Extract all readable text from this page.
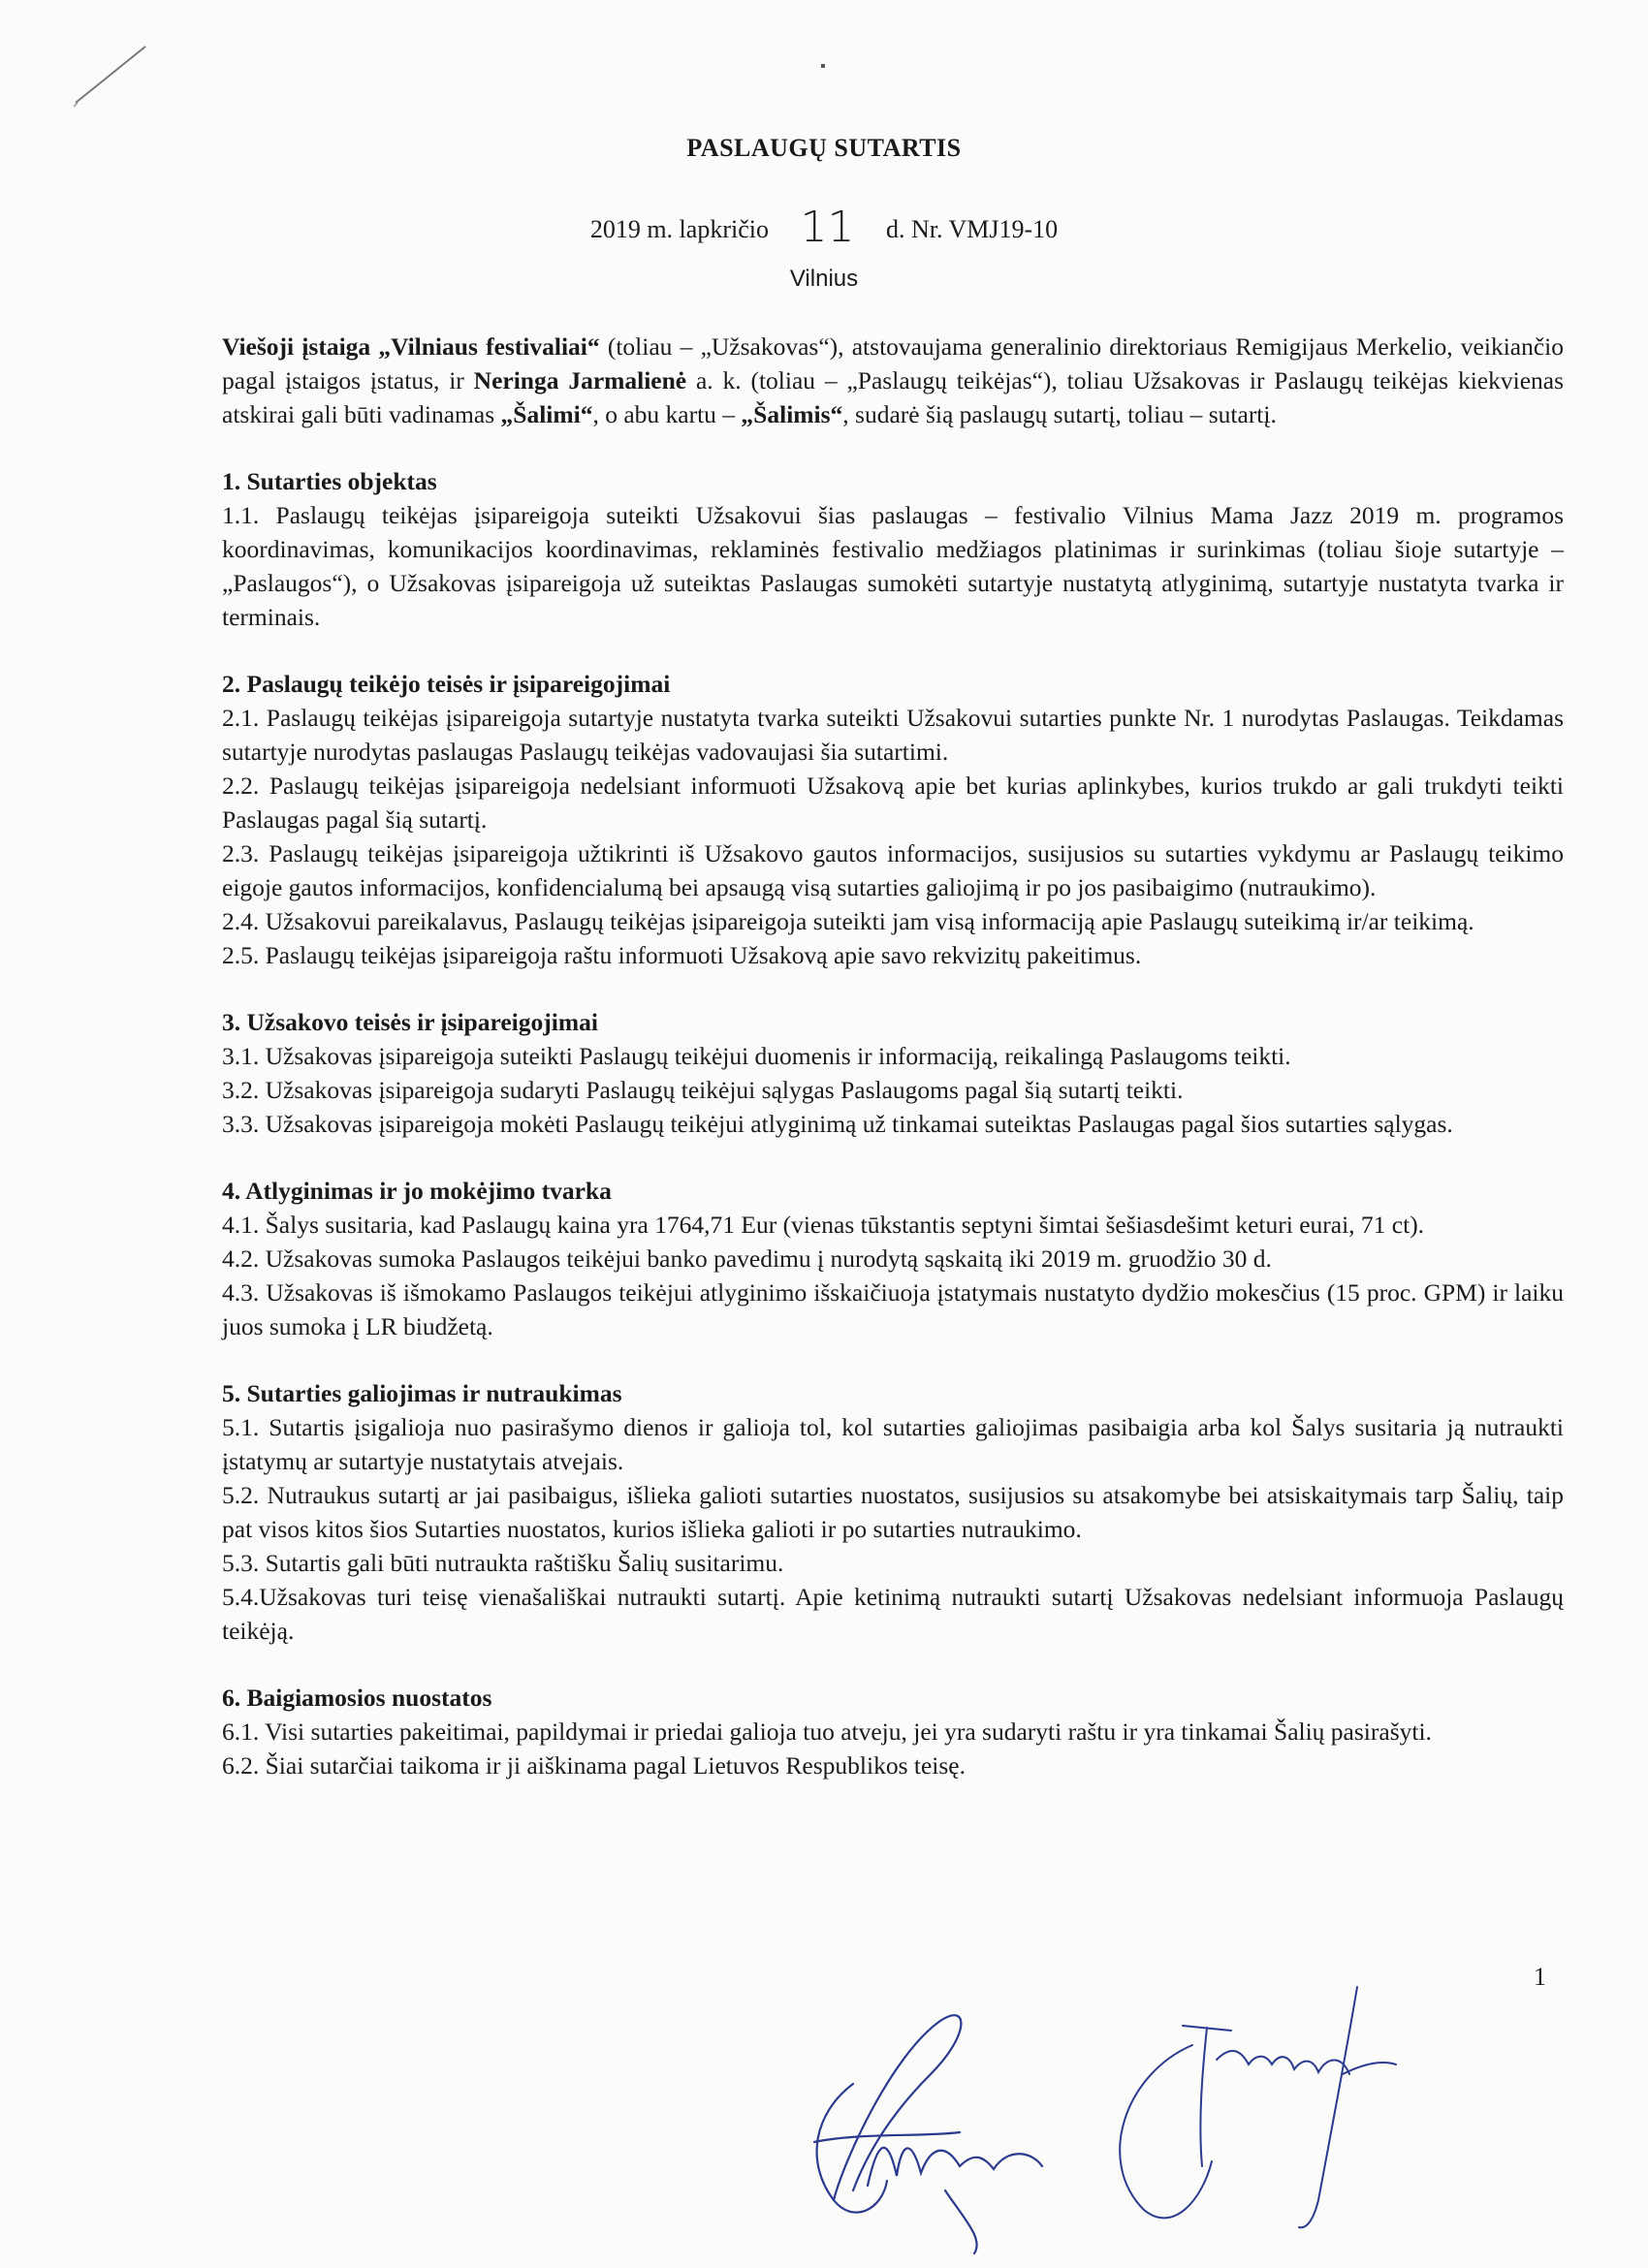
▪
PASLAUGŲ SUTARTIS
2019 m. lapkričio 11 d. Nr. VMJ19-10
Vilnius

Viešoji įstaiga „Vilniaus festivaliai“ (toliau – „Užsakovas“), atstovaujama generalinio direktoriaus Remigijaus Merkelio, veikiančio pagal įstaigos įstatus, ir Neringa Jarmalienė a. k. (toliau – „Paslaugų teikėjas“), toliau Užsakovas ir Paslaugų teikėjas kiekvienas atskirai gali būti vadinamas „Šalimi“, o abu kartu – „Šalimis“, sudarė šią paslaugų sutartį, toliau – sutartį.

1. Sutarties objektas

1.1. Paslaugų teikėjas įsipareigoja suteikti Užsakovui šias paslaugas – festivalio Vilnius Mama Jazz 2019 m. programos koordinavimas, komunikacijos koordinavimas, reklaminės festivalio medžiagos platinimas ir surinkimas (toliau šioje sutartyje – „Paslaugos“), o Užsakovas įsipareigoja už suteiktas Paslaugas sumokėti sutartyje nustatytą atlyginimą, sutartyje nustatyta tvarka ir terminais.

2. Paslaugų teikėjo teisės ir įsipareigojimai

2.1. Paslaugų teikėjas įsipareigoja sutartyje nustatyta tvarka suteikti Užsakovui sutarties punkte Nr. 1 nurodytas Paslaugas. Teikdamas sutartyje nurodytas paslaugas Paslaugų teikėjas vadovaujasi šia sutartimi.

2.2. Paslaugų teikėjas įsipareigoja nedelsiant informuoti Užsakovą apie bet kurias aplinkybes, kurios trukdo ar gali trukdyti teikti Paslaugas pagal šią sutartį.

2.3. Paslaugų teikėjas įsipareigoja užtikrinti iš Užsakovo gautos informacijos, susijusios su sutarties vykdymu ar Paslaugų teikimo eigoje gautos informacijos, konfidencialumą bei apsaugą visą sutarties galiojimą ir po jos pasibaigimo (nutraukimo).

2.4. Užsakovui pareikalavus, Paslaugų teikėjas įsipareigoja suteikti jam visą informaciją apie Paslaugų suteikimą ir/ar teikimą.

2.5. Paslaugų teikėjas įsipareigoja raštu informuoti Užsakovą apie savo rekvizitų pakeitimus.

3. Užsakovo teisės ir įsipareigojimai

3.1. Užsakovas įsipareigoja suteikti Paslaugų teikėjui duomenis ir informaciją, reikalingą Paslaugoms teikti.

3.2. Užsakovas įsipareigoja sudaryti Paslaugų teikėjui sąlygas Paslaugoms pagal šią sutartį teikti.

3.3. Užsakovas įsipareigoja mokėti Paslaugų teikėjui atlyginimą už tinkamai suteiktas Paslaugas pagal šios sutarties sąlygas.

4. Atlyginimas ir jo mokėjimo tvarka

4.1. Šalys susitaria, kad Paslaugų kaina yra 1764,71 Eur (vienas tūkstantis septyni šimtai šešiasdešimt keturi eurai, 71 ct).

4.2. Užsakovas sumoka Paslaugos teikėjui banko pavedimu į nurodytą sąskaitą iki 2019 m. gruodžio 30 d.

4.3. Užsakovas iš išmokamo Paslaugos teikėjui atlyginimo išskaičiuoja įstatymais nustatyto dydžio mokesčius (15 proc. GPM) ir laiku juos sumoka į LR biudžetą.

5. Sutarties galiojimas ir nutraukimas

5.1. Sutartis įsigalioja nuo pasirašymo dienos ir galioja tol, kol sutarties galiojimas pasibaigia arba kol Šalys susitaria ją nutraukti įstatymų ar sutartyje nustatytais atvejais.

5.2. Nutraukus sutartį ar jai pasibaigus, išlieka galioti sutarties nuostatos, susijusios su atsakomybe bei atsiskaitymais tarp Šalių, taip pat visos kitos šios Sutarties nuostatos, kurios išlieka galioti ir po sutarties nutraukimo.

5.3. Sutartis gali būti nutraukta raštišku Šalių susitarimu.

5.4.Užsakovas turi teisę vienašališkai nutraukti sutartį. Apie ketinimą nutraukti sutartį Užsakovas nedelsiant informuoja Paslaugų teikėją.

6. Baigiamosios nuostatos

6.1. Visi sutarties pakeitimai, papildymai ir priedai galioja tuo atveju, jei yra sudaryti raštu ir yra tinkamai Šalių pasirašyti.

6.2. Šiai sutarčiai taikoma ir ji aiškinama pagal Lietuvos Respublikos teisę.

1
